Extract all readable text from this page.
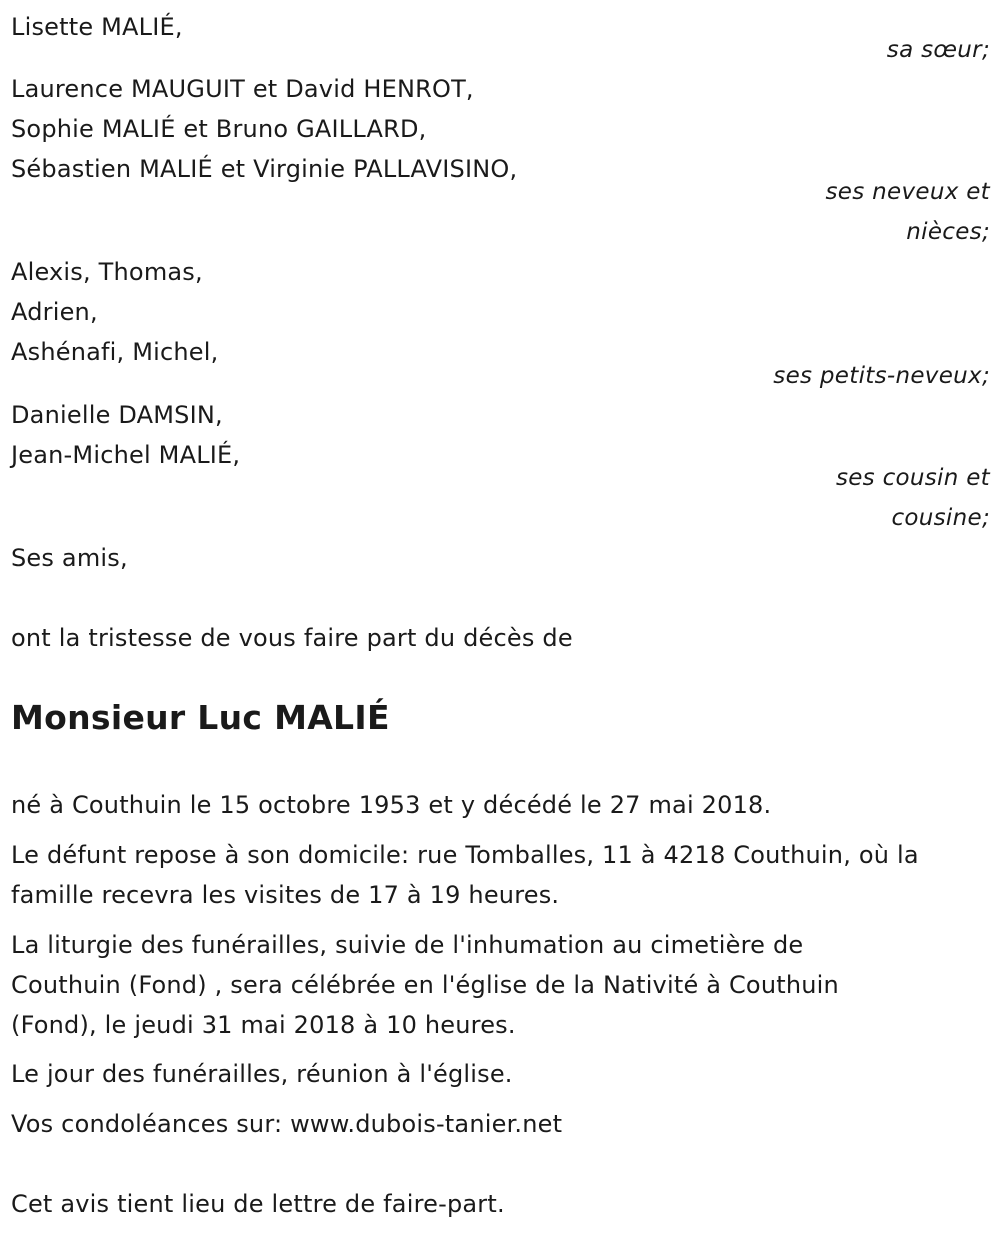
Lisette MALIÉ,
sa sœur;
Laurence MAUGUIT et David HENROT,
Sophie MALIÉ et Bruno GAILLARD,
Sébastien MALIÉ et Virginie PALLAVISINO,
ses neveux et
nièces;
Alexis, Thomas,
Adrien,
Ashénafi, Michel,
ses petits-neveux;
Danielle DAMSIN,
Jean-Michel MALIÉ,
ses cousin et
cousine;
Ses amis,
ont la tristesse de vous faire part du décès de
Monsieur Luc MALIÉ
né à Couthuin le 15 octobre 1953 et y décédé le 27 mai 2018.
Le défunt repose à son domicile: rue Tomballes, 11 à 4218 Couthuin, où la
famille recevra les visites de 17 à 19 heures.
La liturgie des funérailles, suivie de l'inhumation au cimetière de
Couthuin (Fond) , sera célébrée en l'église de la Nativité à Couthuin
(Fond), le jeudi 31 mai 2018 à 10 heures.
Le jour des funérailles, réunion à l'église.
Vos condoléances sur: www.dubois-tanier.net
Cet avis tient lieu de lettre de faire-part.
